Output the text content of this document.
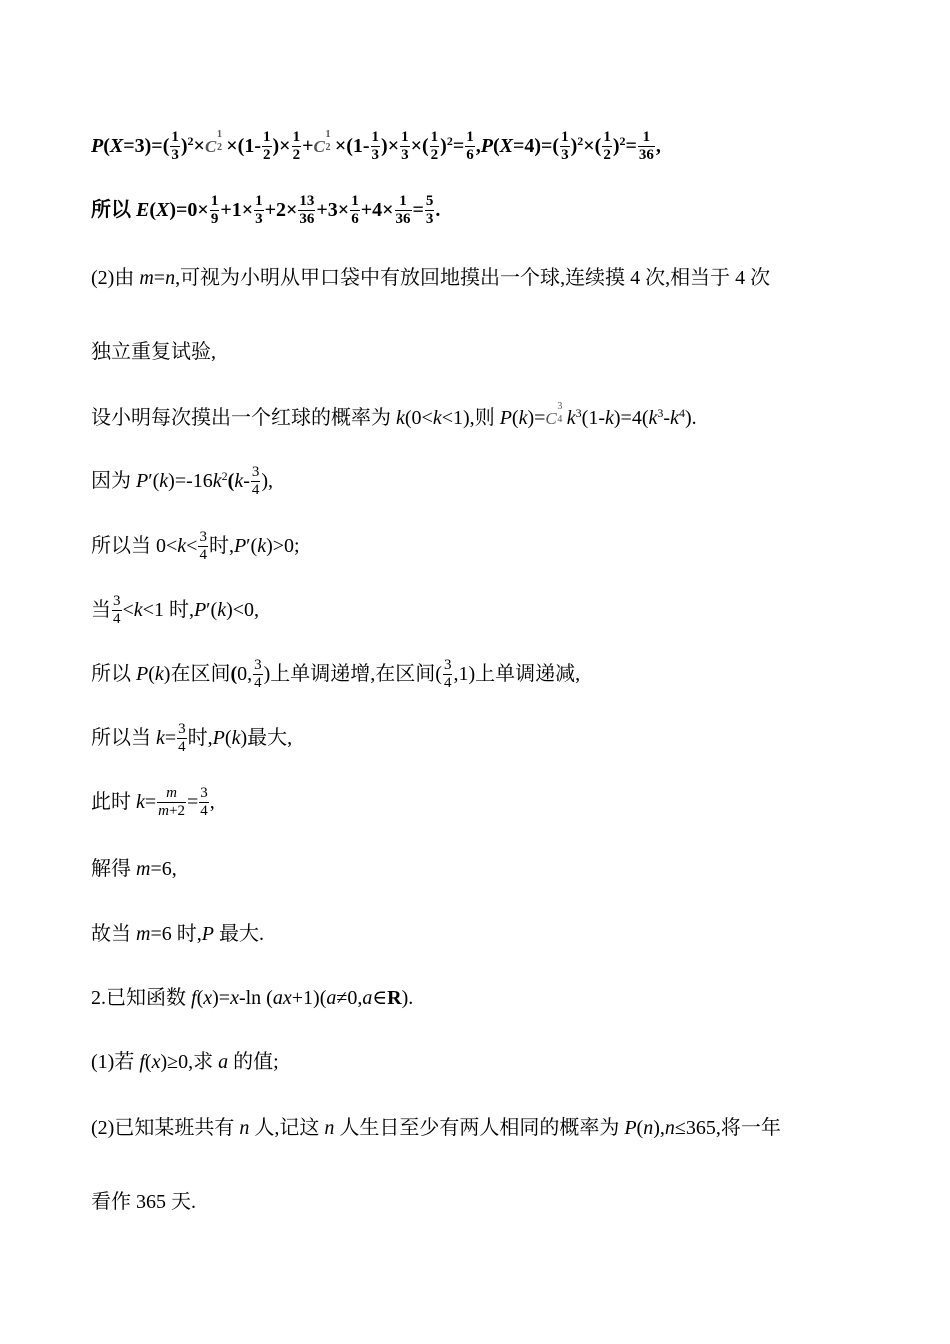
$P(X=3)=( \frac{1}{3} )^2\times C$
1
$2 \times(1- \frac{1}{2}$ )× $\frac{1}{2} +C$
1
$2 \times(1- \frac{1}{3}$ )× $\frac{1}{3}$ ×( $\frac{1}{2} )^2= \frac{1}{6} ,P(X=4)=( \frac{1}{3} )^2\times( \frac{1}{2} )^2= \frac{1}{36}$ ,
所以 $E(X)=0\times \frac{1}{9} +1\times \frac{1}{3} +2\times \frac{13}{36} +3\times \frac{1}{6} +4\times \frac{1}{36} = \frac{5}{3}$ .
(2)由 m=n,可视为小明从甲口袋中有放回地摸出一个球,连续摸 4 次,相当于 4 次
独立重复试验,
设小明每次摸出一个红球的概率为 k(0<k<1),则 P(k)=C
3
4 $k^3(1-k)=4(k^3-k^4)$.
因为 $P'(k)=-16k^2(k- \frac{3}{4}$ ),
所以当 $0<k< \frac{3}{4}$ 时,P′(k)>0;
当 $\frac{3}{4} <k<1$ 时,P′(k)<0,
所以 P(k)在区间(0, $\frac{3}{4}$ )上单调递增,在区间( $\frac{3}{4} ,1$)上单调递减,
所以当 $k= \frac{3}{4}$ 时,P(k)最大,
此时 $k= \frac{m}{m+2} = \frac{3}{4}$ ,
解得 m=6,
故当 m=6 时,P 最大.
2.已知函数 f(x)=x-ln (ax+1)(a≠0,a∈R).
(1)若 f(x)≥0,求 a 的值;
(2)已知某班共有 n 人,记这 n 人生日至少有两人相同的概率为 P(n),n≤365,将一年
看作 365 天.
